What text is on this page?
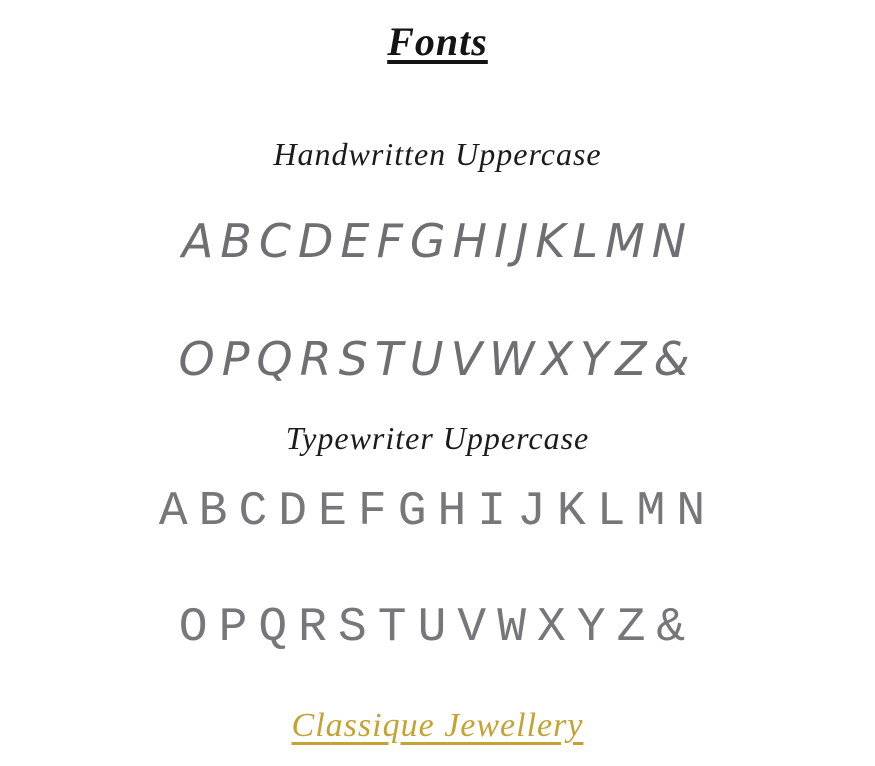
Fonts
Handwritten Uppercase
ABCDEFGHIJKLMN
OPQRSTUVWXYZ&
Typewriter Uppercase
ABCDEFGHIJKLMN
OPQRSTUVWXYZ&
Classique Jewellery
